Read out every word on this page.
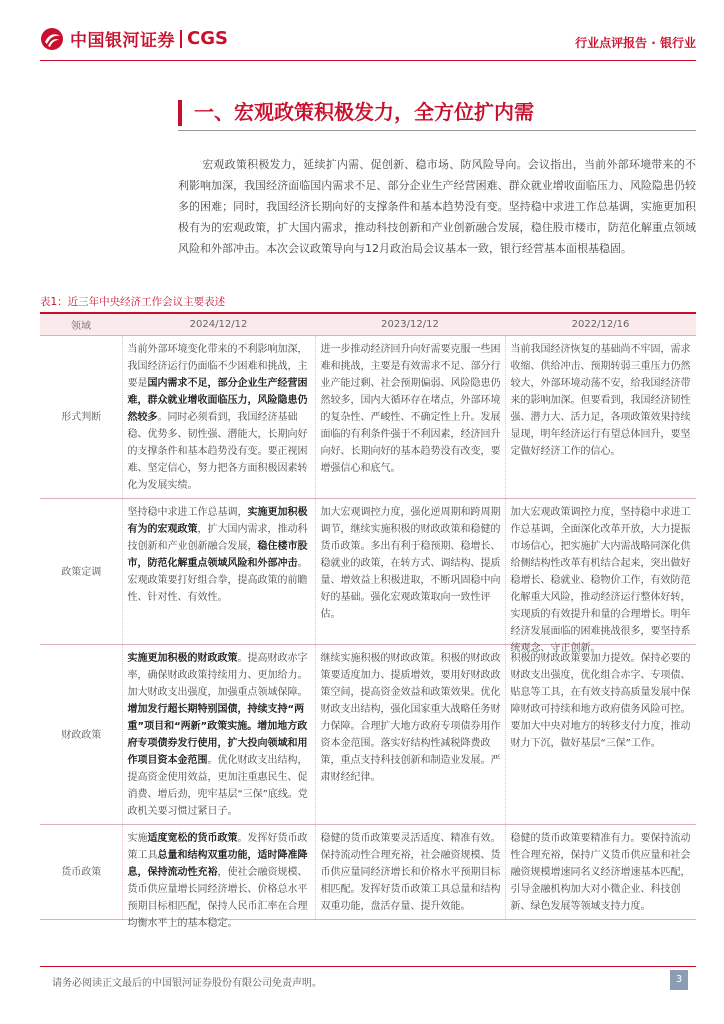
中国银河证券 CGS	行业点评报告 · 银行业
一、宏观政策积极发力，全方位扩内需
宏观政策积极发力，延续扩内需、促创新、稳市场、防风险导向。会议指出，当前外部环境带来的不利影响加深，我国经济面临国内需求不足、部分企业生产经营困难、群众就业增收面临压力、风险隐患仍较多的困难；同时，我国经济长期向好的支撑条件和基本趋势没有变。坚持稳中求进工作总基调，实施更加积极有为的宏观政策，扩大国内需求，推动科技创新和产业创新融合发展，稳住股市楼市，防范化解重点领域风险和外部冲击。本次会议政策导向与12月政治局会议基本一致，银行经营基本面根基稳固。
表1：近三年中央经济工作会议主要表述
领域	2024/12/12	2023/12/12	2022/12/16
形式判断	当前外部环境变化带来的不利影响加深，我国经济运行仍面临不少困难和挑战，主要是国内需求不足，部分企业生产经营困难，群众就业增收面临压力，风险隐患仍然较多。同时必须看到，我国经济基础稳、优势多、韧性强、潜能大，长期向好的支撑条件和基本趋势没有变。要正视困难、坚定信心，努力把各方面积极因素转化为发展实绩。	进一步推动经济回升向好需要克服一些困难和挑战，主要是有效需求不足、部分行业产能过剩、社会预期偏弱、风险隐患仍然较多，国内大循环存在堵点，外部环境的复杂性、严峻性、不确定性上升。发展面临的有利条件强于不利因素，经济回升向好、长期向好的基本趋势没有改变，要增强信心和底气。	当前我国经济恢复的基础尚不牢固，需求收缩、供给冲击、预期转弱三重压力仍然较大，外部环境动荡不安，给我国经济带来的影响加深。但要看到，我国经济韧性强、潜力大、活力足，各项政策效果持续显现，明年经济运行有望总体回升，要坚定做好经济工作的信心。

政策定调	坚持稳中求进工作总基调，实施更加积极有为的宏观政策，扩大国内需求，推动科技创新和产业创新融合发展，稳住楼市股市，防范化解重点领域风险和外部冲击。宏观政策要打好组合拳，提高政策的前瞻性、针对性、有效性。	加大宏观调控力度，强化逆周期和跨周期调节，继续实施积极的财政政策和稳健的货币政策。多出有利于稳预期、稳增长、稳就业的政策，在转方式、调结构、提质量、增效益上积极进取，不断巩固稳中向好的基础。强化宏观政策取向一致性评估。	加大宏观政策调控力度，坚持稳中求进工作总基调，全面深化改革开放，大力提振市场信心，把实施扩大内需战略同深化供给侧结构性改革有机结合起来，突出做好稳增长、稳就业、稳物价工作，有效防范化解重大风险，推动经济运行整体好转，实现质的有效提升和量的合理增长。明年经济发展面临的困难挑战很多，要坚持系统观念、守正创新。

财政政策	实施更加积极的财政政策。提高财政赤字率，确保财政政策持续用力、更加给力。加大财政支出强度，加强重点领域保障。增加发行超长期特别国债，持续支持“两重”项目和“两新”政策实施。增加地方政府专项债券发行使用，扩大投向领域和用作项目资本金范围。优化财政支出结构，提高资金使用效益，更加注重惠民生、促消费、增后劲，兜牢基层“三保”底线。党政机关要习惯过紧日子。	继续实施积极的财政政策。积极的财政政策要适度加力、提质增效，要用好财政政策空间，提高资金效益和政策效果。优化财政支出结构，强化国家重大战略任务财力保障。合理扩大地方政府专项债券用作资本金范围。落实好结构性减税降费政策，重点支持科技创新和制造业发展。严肃财经纪律。	积极的财政政策要加力提效。保持必要的财政支出强度，优化组合赤字、专项债、贴息等工具，在有效支持高质量发展中保障财政可持续和地方政府债务风险可控。要加大中央对地方的转移支付力度，推动财力下沉，做好基层“三保”工作。

货币政策	实施适度宽松的货币政策。发挥好货币政策工具总量和结构双重功能，适时降准降息，保持流动性充裕，使社会融资规模、货币供应量增长同经济增长、价格总水平预期目标相匹配，保持人民币汇率在合理均衡水平上的基本稳定。	稳健的货币政策要灵活适度、精准有效。保持流动性合理充裕，社会融资规模、货币供应量同经济增长和价格水平预期目标相匹配。发挥好货币政策工具总量和结构双重功能，盘活存量、提升效能。	稳健的货币政策要精准有力。要保持流动性合理充裕，保持广义货币供应量和社会融资规模增速同名义经济增速基本匹配，引导金融机构加大对小微企业、科技创新、绿色发展等领域支持力度。
请务必阅读正文最后的中国银河证券股份有限公司免责声明。	3
